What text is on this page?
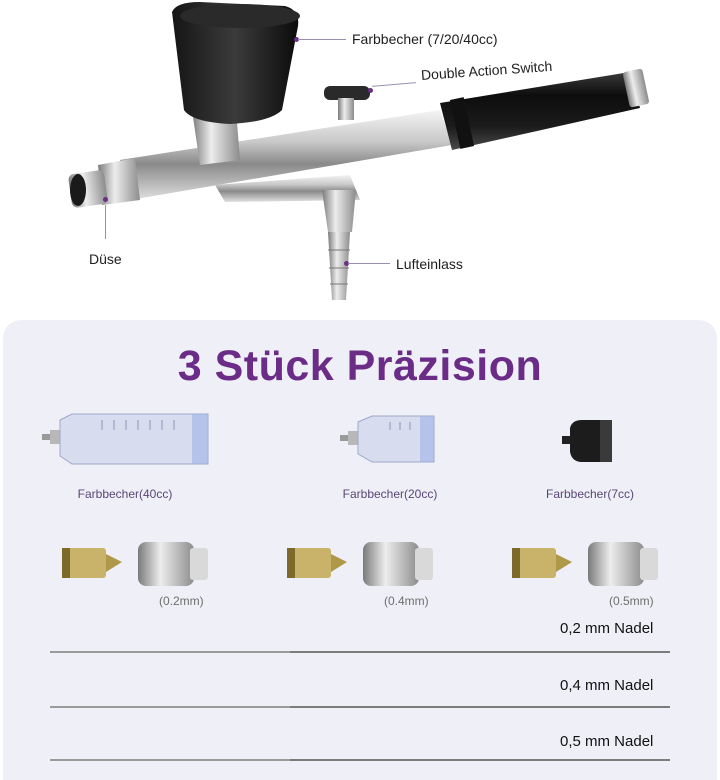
Farbbecher (7/20/40cc)
Double Action Switch
Düse	Lufteinlass
3 Stück Präzision
Farbbecher(40cc)	Farbbecher(20cc)	Farbbecher(7cc)
(0.2mm)	(0.4mm)	(0.5mm)
0,2 mm Nadel
0,4 mm Nadel
0,5 mm Nadel
